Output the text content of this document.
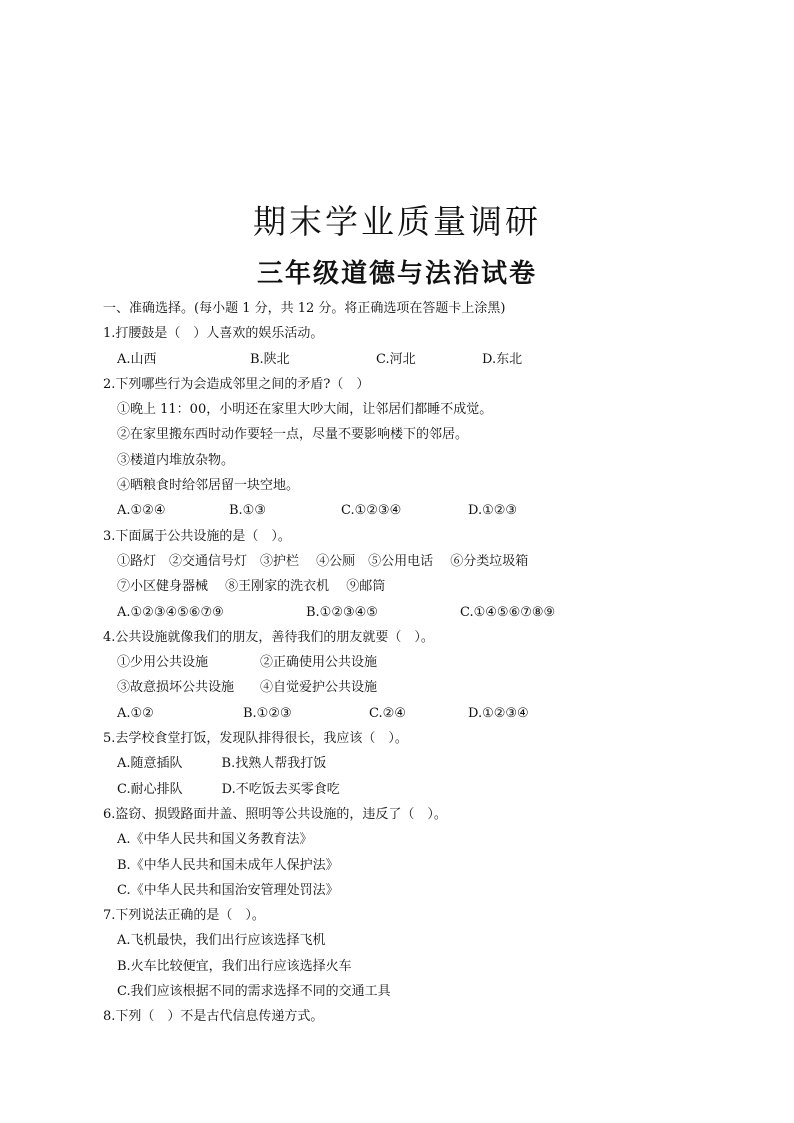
期末学业质量调研
三年级道德与法治试卷
一、准确选择。(每小题 1 分，共 12 分。将正确选项在答题卡上涂黑)
1.打腰鼓是（　）人喜欢的娱乐活动。
A.山西	B.陕北	C.河北	D.东北
2.下列哪些行为会造成邻里之间的矛盾?（　）
①晚上 11：00，小明还在家里大吵大闹，让邻居们都睡不成觉。
②在家里搬东西时动作要轻一点，尽量不要影响楼下的邻居。
③楼道内堆放杂物。
④晒粮食时给邻居留一块空地。
A.①②④	B.①③	C.①②③④	D.①②③
3.下面属于公共设施的是（　）。
①路灯　②交通信号灯　③护栏　 ④公厕　⑤公用电话　 ⑥分类垃圾箱
⑦小区健身器械　 ⑧王刚家的洗衣机　 ⑨邮筒
A.①②③④⑤⑥⑦⑨	B.①②③④⑤	C.①④⑤⑥⑦⑧⑨
4.公共设施就像我们的朋友，善待我们的朋友就要（　）。
①少用公共设施　　　　②正确使用公共设施
③故意损坏公共设施　　④自觉爱护公共设施
A.①②	B.①②③	C.②④	D.①②③④
5.去学校食堂打饭，发现队排得很长，我应该（　）。
A.随意插队　　　B.找熟人帮我打饭
C.耐心排队　　　D.不吃饭去买零食吃
6.盗窃、损毁路面井盖、照明等公共设施的，违反了（　）。
A.《中华人民共和国义务教育法》
B.《中华人民共和国未成年人保护法》
C.《中华人民共和国治安管理处罚法》
7.下列说法正确的是（　）。
A.飞机最快，我们出行应该选择飞机
B.火车比较便宜，我们出行应该选择火车
C.我们应该根据不同的需求选择不同的交通工具
8.下列（　）不是古代信息传递方式。
